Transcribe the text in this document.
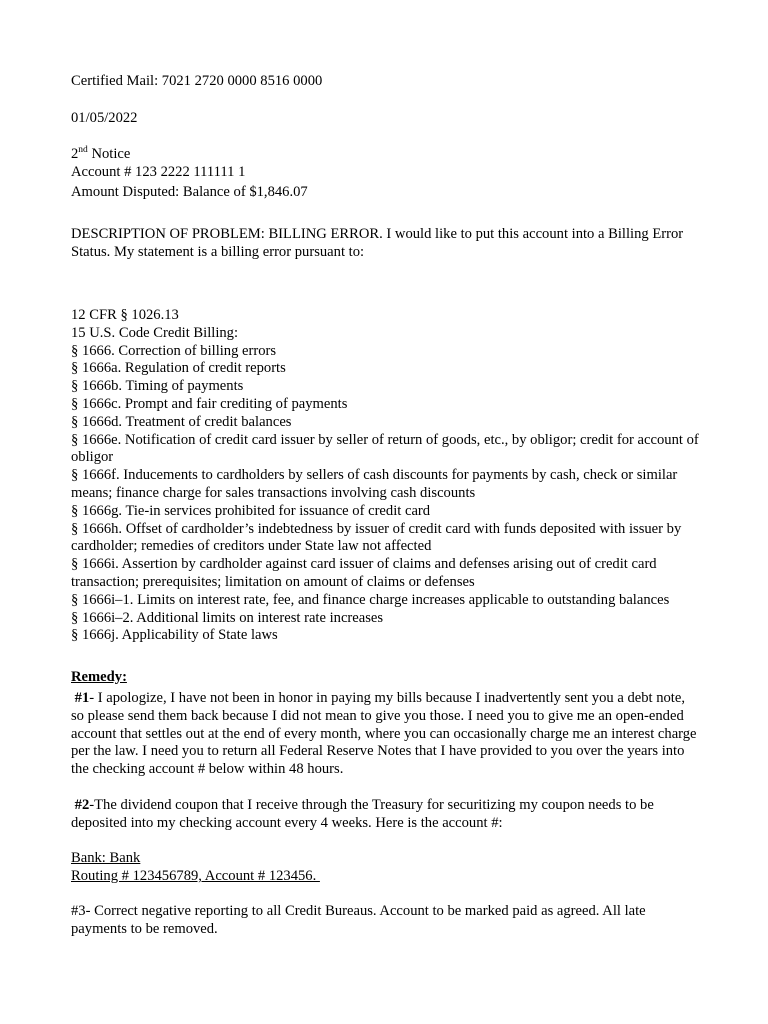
Certified Mail: 7021 2720 0000 8516 0000
01/05/2022
2nd Notice
Account # 123 2222 111111 1
Amount Disputed: Balance of $1,846.07
DESCRIPTION OF PROBLEM: BILLING ERROR. I would like to put this account into a Billing Error Status. My statement is a billing error pursuant to:
12 CFR § 1026.13
15 U.S. Code Credit Billing:
§ 1666. Correction of billing errors
§ 1666a. Regulation of credit reports
§ 1666b. Timing of payments
§ 1666c. Prompt and fair crediting of payments
§ 1666d. Treatment of credit balances
§ 1666e. Notification of credit card issuer by seller of return of goods, etc., by obligor; credit for account of obligor
§ 1666f. Inducements to cardholders by sellers of cash discounts for payments by cash, check or similar means; finance charge for sales transactions involving cash discounts
§ 1666g. Tie-in services prohibited for issuance of credit card
§ 1666h. Offset of cardholder’s indebtedness by issuer of credit card with funds deposited with issuer by cardholder; remedies of creditors under State law not affected
§ 1666i. Assertion by cardholder against card issuer of claims and defenses arising out of credit card transaction; prerequisites; limitation on amount of claims or defenses
§ 1666i–1. Limits on interest rate, fee, and finance charge increases applicable to outstanding balances
§ 1666i–2. Additional limits on interest rate increases
§ 1666j. Applicability of State laws
Remedy:
#1- I apologize, I have not been in honor in paying my bills because I inadvertently sent you a debt note, so please send them back because I did not mean to give you those. I need you to give me an open-ended account that settles out at the end of every month, where you can occasionally charge me an interest charge per the law. I need you to return all Federal Reserve Notes that I have provided to you over the years into the checking account # below within 48 hours.
#2-The dividend coupon that I receive through the Treasury for securitizing my coupon needs to be deposited into my checking account every 4 weeks. Here is the account #:
Bank: Bank
Routing # 123456789, Account # 123456.
#3- Correct negative reporting to all Credit Bureaus. Account to be marked paid as agreed. All late payments to be removed.
